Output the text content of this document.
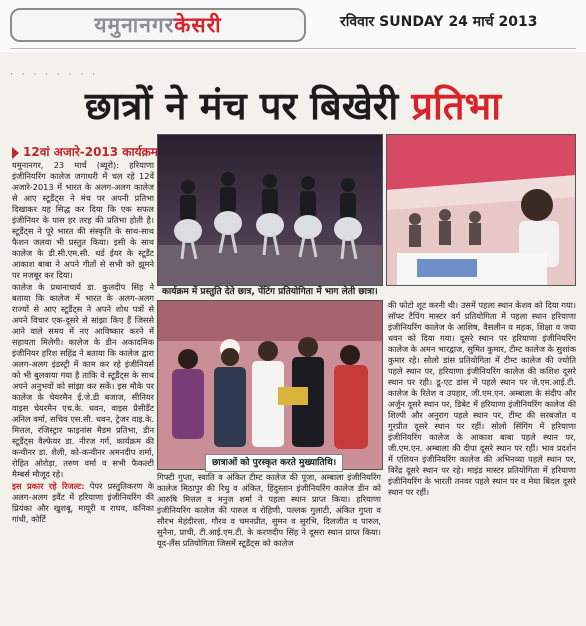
यमुनानगर केसरी	रविवार SUNDAY 24 मार्च 2013
· · · · · · · ·
छात्रों ने मंच पर बिखेरी प्रतिभा
12वां अजारे-2013 कार्यक्रम

यमुनानगर, 23 मार्च (ब्यूरो): हरियाणा इंजीनियरिंग कालेज जगाधरी में चल रहे 12वें अजारे-2013 में भारत के अलग-अलग कालेज से आए स्टूडैंट्स ने मंच पर अपनी प्रतिभा दिखाकर यह सिद्ध कर दिया कि एक सफल इंजीनियर के पास हर तरह की प्रतिभा होती है। स्टूडैंट्स ने पूरे भारत की संस्कृति के साथ-साथ फैशन जलवा भी प्रस्तुत किया। इसी के साथ कालेज के डी.सी.एम.सी. थर्ड ईयर के स्टूडैंट आकाश बाबा ने अपने गीतों से सभी को झूमने पर मजबूर कर दिया।

कालेज के प्रधानाचार्य डा. कुलदीप सिंह ने बताया कि कालेज में भारत के अलग-अलग राज्यों से आए स्टूडैंट्स ने अपने शोध पत्रों से अपने विचार एक-दूसरे से सांझा किए हैं जिससे आने वाले समय में नए आविष्कार करने में सहायता मिलेगी। कालेज के डीन अकादमिक इंजीनियर हरिश सहिंद्र ने बताया कि कालेज द्वारा अलग-अलग इंडस्ट्री में काम कर रहे इंजीनियर्स को भी बुलवाया गया है ताकि वे स्टूडैंट्स के साथ अपने अनुभवों को सांझा कर सकें। इस मौके पर कालेज के चेयरमैन ई.जे.डी बजाज, सीनियर वाइस चेयरमैन एच.के. धवन, वाइस प्रैसीडैंट अनिल वर्मा, सचिव एस.सी. धवन, ट्रेजर वाइ.के. मित्तल, रजिस्ट्रार फाइनांस मैडम प्रतिभा, डीन स्टूडैंट्स वैल्फेयर डा. नीरज गर्ग, कार्यक्रम की कन्वीनर डा. शैली, को-कन्वीनर अमनदीप शर्मा, रोहित ओरोड़ा, तरुण वर्मा व सभी फैकल्टी मैम्बर्स मौजूद रहे।

इस प्रकार रहे रिजल्ट: पेपर प्रस्तुतिकरण के अलग-अलग इवैंट में हरियाणा इंजीनियरिंग की प्रियंका और खुशबू, मायूरी व राघव, कनिका गांधी, कोर्टि

कार्यक्रम में प्रस्तुति देते छात्र, पेंटिंग प्रतियोगिता में भाग लेती छात्रा।
छात्राओं को पुरस्कृत करते मुख्यातिथि।

गिफ्टी गुप्ता, स्वाति व अंकित टीम्ट कालेज की पूजा, अम्बाला इंजीनियरिंग कालेज मिठापुर की रिधु व अंकित, हिंदुस्तान इंजीनियरिंग कालेज डीन को आरुषि मित्तल व मनुज शर्मा ने पहला स्थान प्राप्त किया। हरियाणा इंजीनियरिंग कालेज की पारुल व रोहिणी, पल्लक गुलाटी, अंकित गुप्ता व सौरभ मेहंदीरत्ता, गौरव व चमनप्रीत, सुमन व सुरभि, दिलजीत व पारुल, सुनैना, प्राची, टी.आई.एम.टी. के करणदीप सिंह ने दूसरा स्थान प्राप्त किया। यूद-लैंस प्रतियोगिता जिसमें स्टूडैंट्स को कालेज

की फोटो शूट करनी थी। उसमें पहला स्थान केशव को दिया गया। सॉफ्ट टैपिंग मास्टर वर्ग प्रतियोगिता में पहला स्थान हरियाणा इंजीनियरिंग कालेज के आशिष, वैसलीन व महक, शिक्षा व जया धवन को दिया गया। दूसरे स्थान पर हरियाणा इंजीनियरिंग कालेज के अमन भारद्वाज, सुमित कुमार, टीम्ट कालेज के सुशांक कुमार रहे। सोलो डांस प्रतियोगिता में टीम्ट कालेज की ज्योति पहले स्थान पर, हरियाणा इंजीनियरिंग कालेज की कशिश दूसरे स्थान पर रही। डू-एट डांस में पहले स्थान पर जे.एम.आई.टी. कालेज के रितेश व उपहार, जी.एम.एन. अम्बाला के संदीप और अर्जुन दूसरे स्थान पर, डिबेट में हरियाणा इंजीनियरिंग कालेज की शिल्पी और अनुराग पहले स्थान पर, टीम्ट की सरबजोत व गुरप्रीत दूसरे स्थान पर रहीं। सोलो सिंगिंग में हरियाणा इंजीनियरिंग कालेज के आकाश बाबा पहले स्थान पर, जी.एम.एन. अम्बाला की दीपा दूसरे स्थान पर रहीं। भाव प्रदर्शन में एशियन इंजीनियरिंग कालेज की अभिनव्या पहले स्थान पर, विरेंद्र दूसरे स्थान पर रहे। माइंड मास्टर प्रतियोगिता में हरियाणा इंजीनियरिंग के भारती तनवर पहले स्थान पर व मेघा बिंदल दूसरे स्थान पर रहीं।
